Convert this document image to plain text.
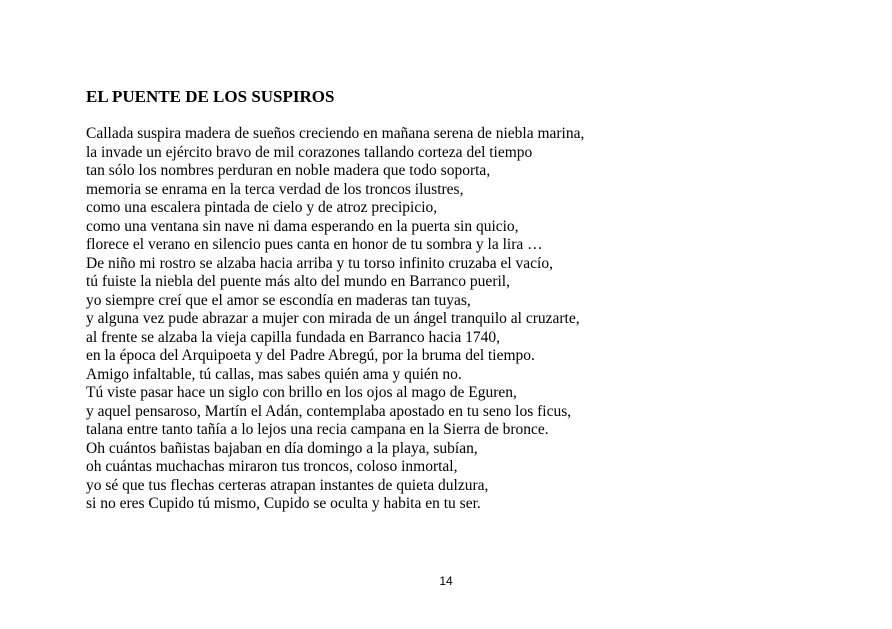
EL PUENTE DE LOS SUSPIROS
Callada suspira madera de sueños creciendo en mañana serena de niebla marina,
la invade un ejército bravo de mil corazones tallando corteza del tiempo
tan sólo los nombres perduran en noble madera que todo soporta,
memoria se enrama en la terca verdad de los troncos ilustres,
como una escalera pintada de cielo y de atroz precipicio,
como una ventana sin nave ni dama esperando en la puerta sin quicio,
florece el verano en silencio pues canta en honor de tu sombra y la lira …
De niño mi rostro se alzaba hacia arriba y tu torso infinito cruzaba el vacío,
tú fuiste la niebla del puente más alto del mundo en Barranco pueril,
yo siempre creí que el amor se escondía en maderas tan tuyas,
y alguna vez pude abrazar a mujer con mirada de un ángel tranquilo al cruzarte,
al frente se alzaba la vieja capilla fundada en Barranco hacia 1740,
en la época del Arquipoeta y del Padre Abregú, por la bruma del tiempo.
Amigo infaltable, tú callas, mas sabes quién ama y quién no.
Tú viste pasar hace un siglo con brillo en los ojos al mago de Eguren,
y aquel pensaroso, Martín el Adán, contemplaba apostado en tu seno los ficus,
talana entre tanto tañía a lo lejos una recia campana en la Sierra de bronce.
Oh cuántos bañistas bajaban en día domingo a la playa, subían,
oh cuántas muchachas miraron tus troncos, coloso inmortal,
yo sé que tus flechas certeras atrapan instantes de quieta dulzura,
si no eres Cupido tú mismo, Cupido se oculta y habita en tu ser.
14
